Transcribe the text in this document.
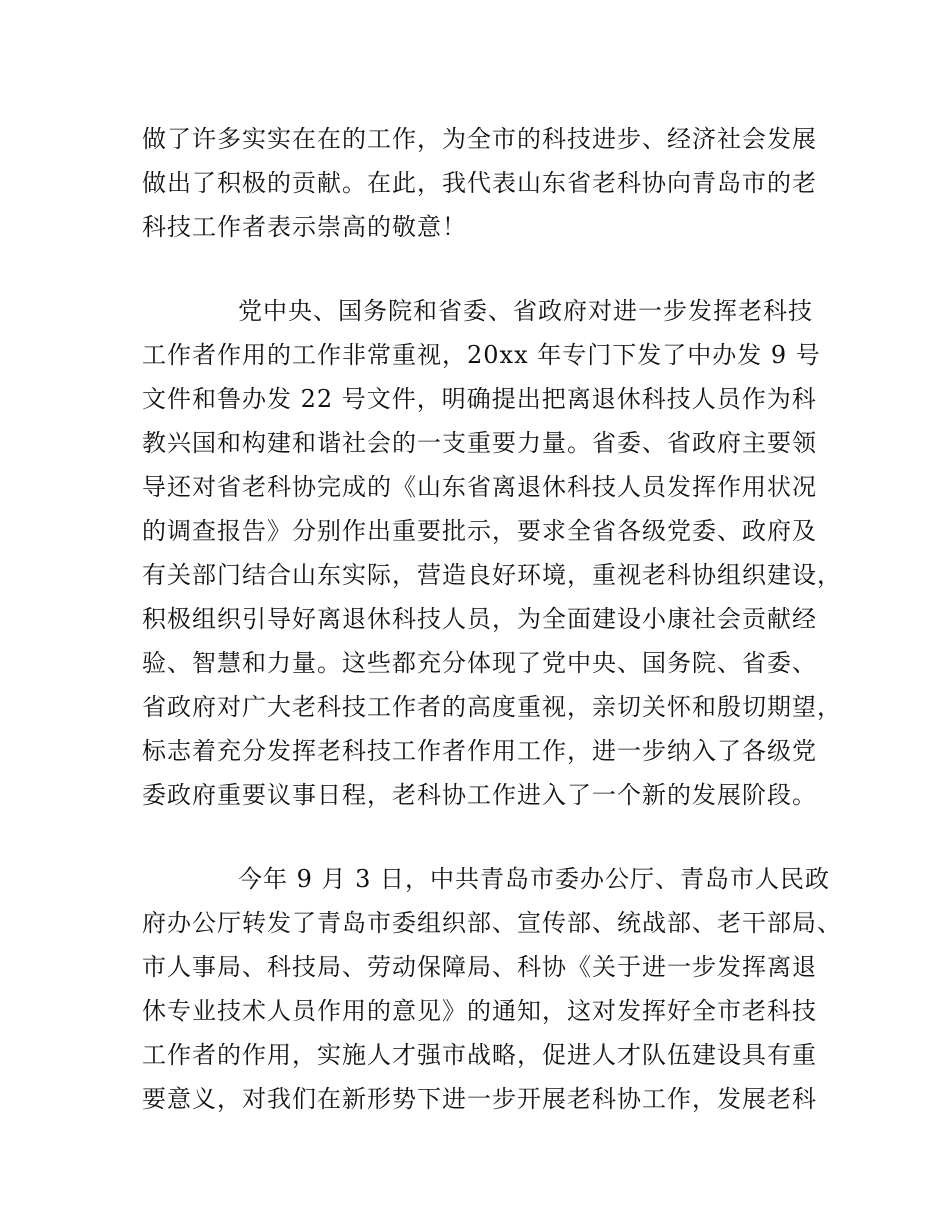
做了许多实实在在的工作，为全市的科技进步、经济社会发展
做出了积极的贡献。在此，我代表山东省老科协向青岛市的老
科技工作者表示崇高的敬意！
党中央、国务院和省委、省政府对进一步发挥老科技
工作者作用的工作非常重视，20xx 年专门下发了中办发 9 号
文件和鲁办发 22 号文件，明确提出把离退休科技人员作为科
教兴国和构建和谐社会的一支重要力量。省委、省政府主要领
导还对省老科协完成的《山东省离退休科技人员发挥作用状况
的调查报告》分别作出重要批示，要求全省各级党委、政府及
有关部门结合山东实际，营造良好环境，重视老科协组织建设，
积极组织引导好离退休科技人员，为全面建设小康社会贡献经
验、智慧和力量。这些都充分体现了党中央、国务院、省委、
省政府对广大老科技工作者的高度重视，亲切关怀和殷切期望，
标志着充分发挥老科技工作者作用工作，进一步纳入了各级党
委政府重要议事日程，老科协工作进入了一个新的发展阶段。
今年 9 月 3 日，中共青岛市委办公厅、青岛市人民政
府办公厅转发了青岛市委组织部、宣传部、统战部、老干部局、
市人事局、科技局、劳动保障局、科协《关于进一步发挥离退
休专业技术人员作用的意见》的通知，这对发挥好全市老科技
工作者的作用，实施人才强市战略，促进人才队伍建设具有重
要意义，对我们在新形势下进一步开展老科协工作，发展老科
